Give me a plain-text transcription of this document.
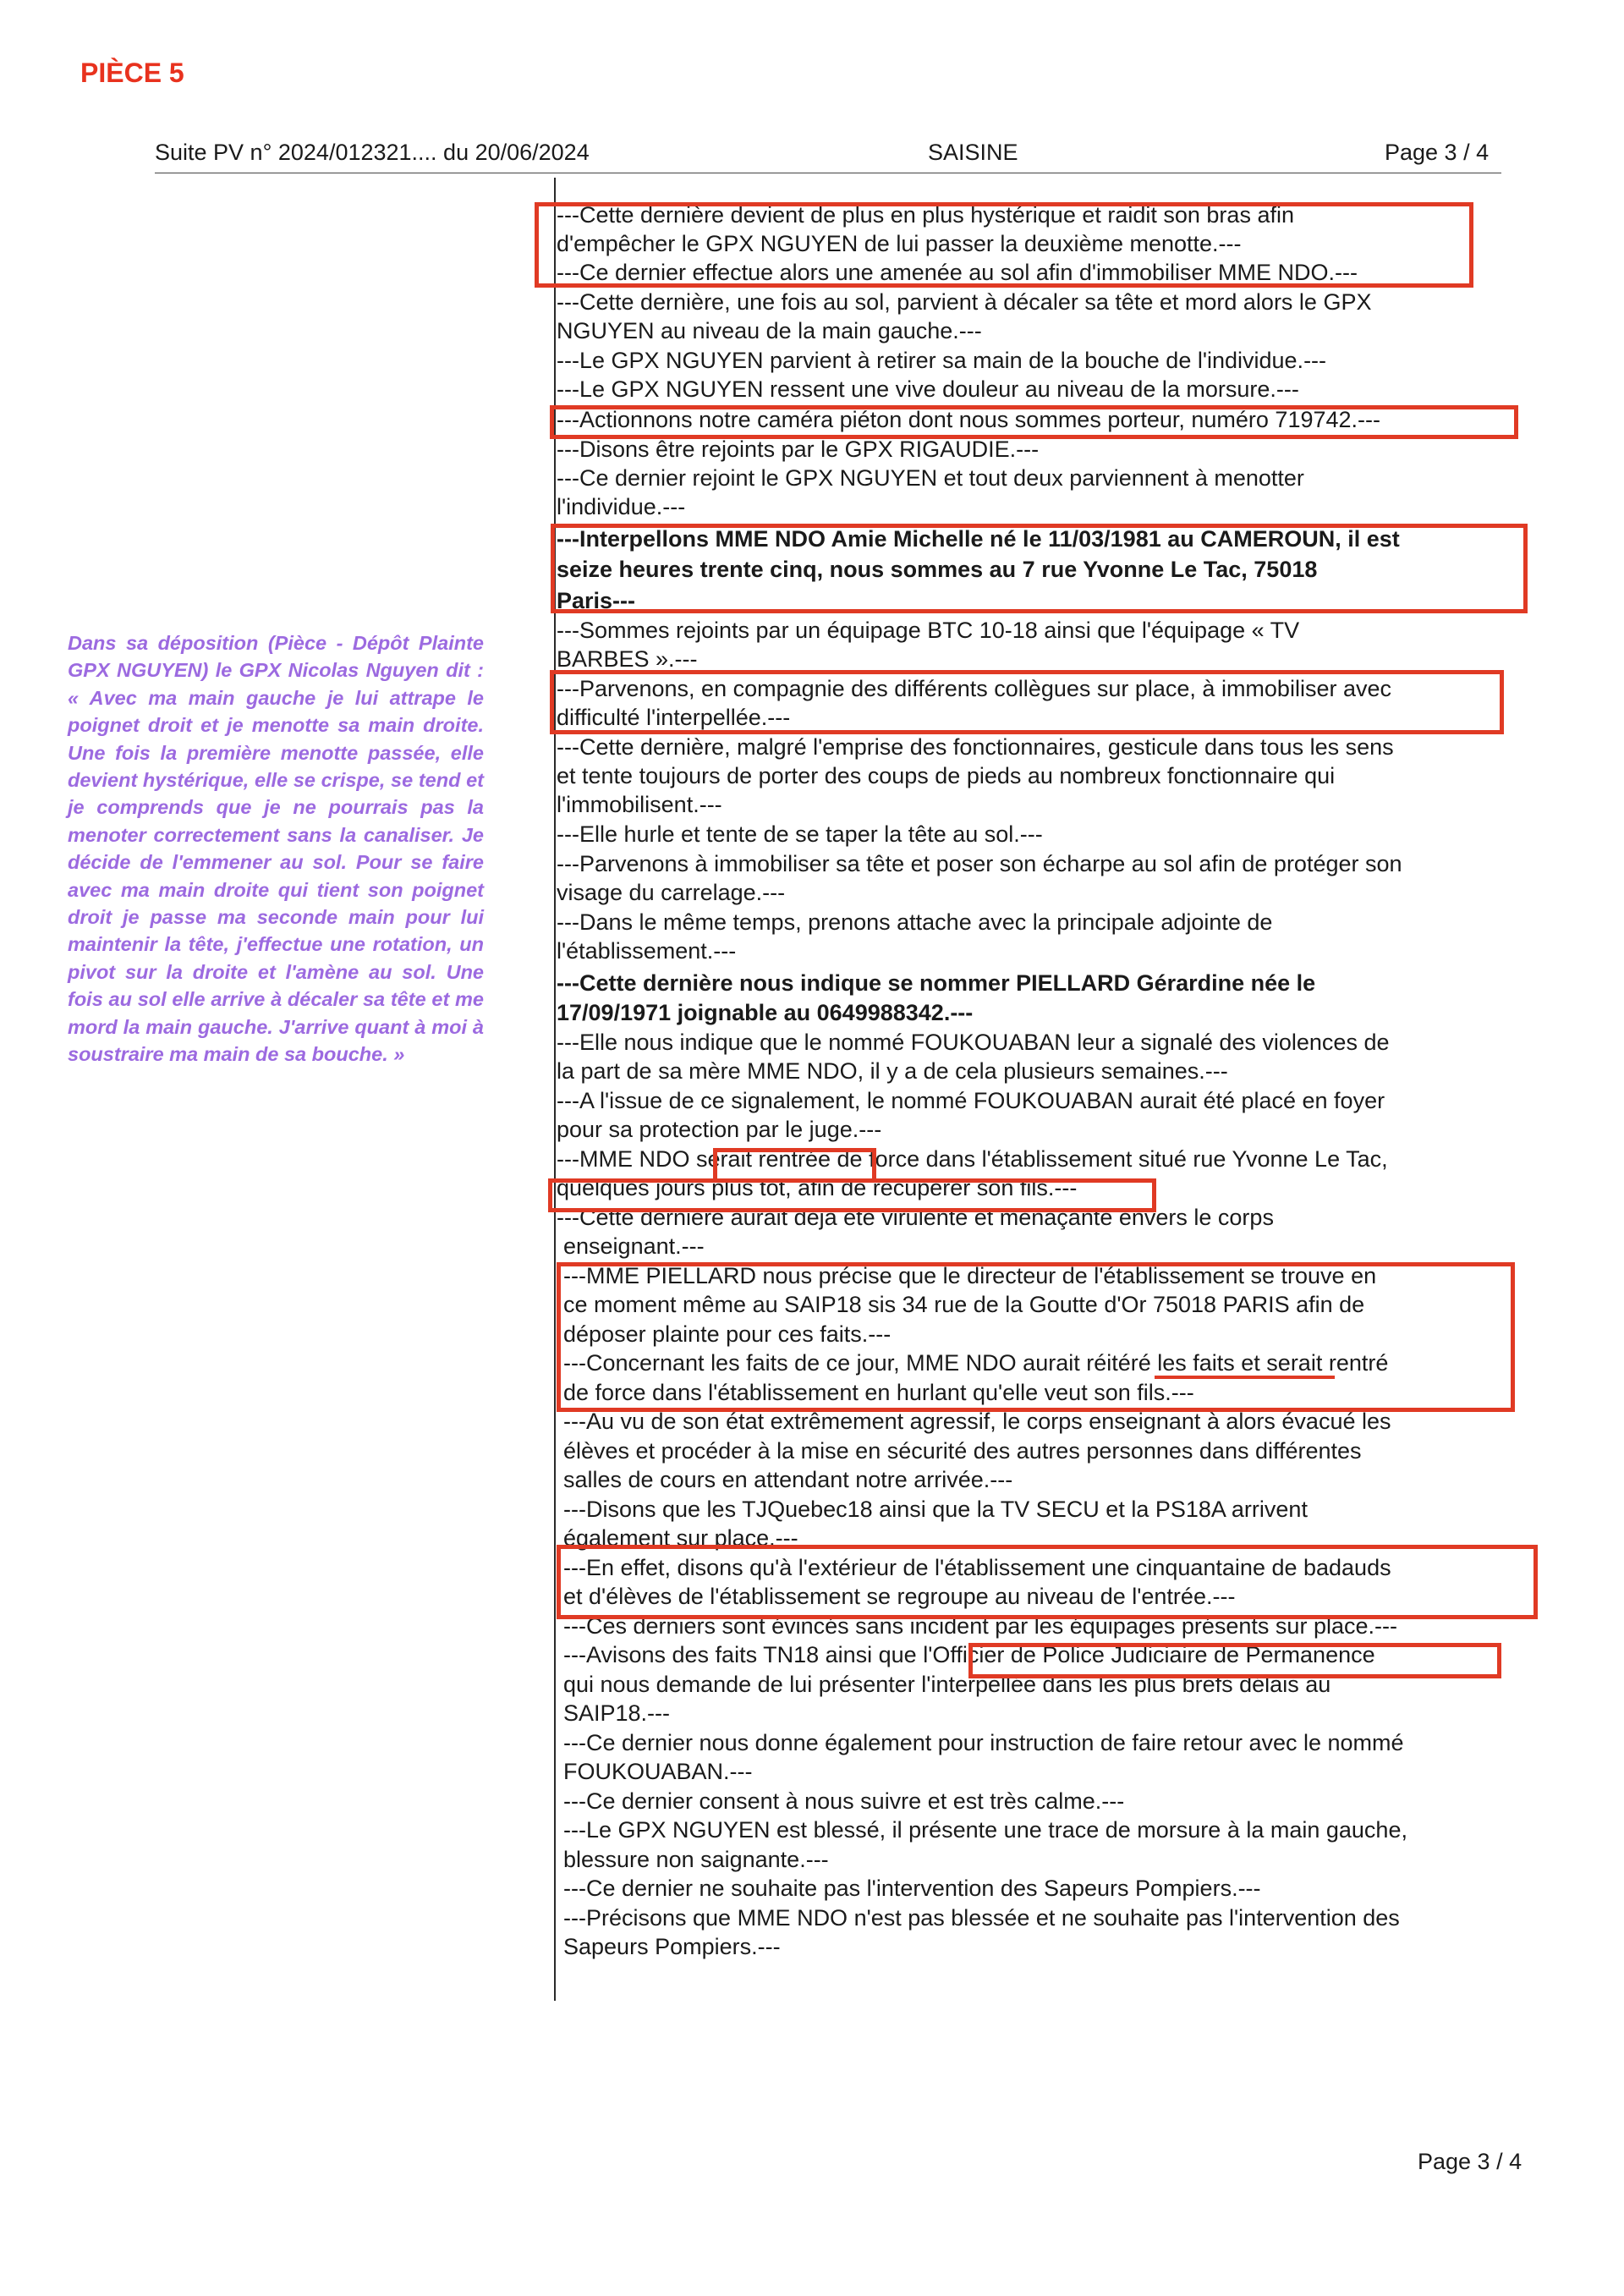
PIÈCE 5
Suite PV n° 2024/012321.... du 20/06/2024	SAISINE	Page 3 / 4

Dans sa déposition (Pièce - Dépôt Plainte GPX NGUYEN) le GPX Nicolas Nguyen dit : « Avec ma main gauche je lui attrape le poignet droit et je menotte sa main droite. Une fois la première menotte passée, elle devient hystérique, elle se crispe, se tend et je comprends que je ne pourrais pas la menoter correctement sans la canaliser. Je décide de l'emmener au sol. Pour se faire avec ma main droite qui tient son poignet droit je passe ma seconde main pour lui maintenir la tête, j'effectue une rotation, un pivot sur la droite et l'amène au sol. Une fois au sol elle arrive à décaler sa tête et me mord la main gauche. J'arrive quant à moi à soustraire ma main de sa bouche. »

---Cette dernière devient de plus en plus hystérique et raidit son bras afin
d'empêcher le GPX NGUYEN de lui passer la deuxième menotte.---
---Ce dernier effectue alors une amenée au sol afin d'immobiliser MME NDO.---
---Cette dernière, une fois au sol, parvient à décaler sa tête et mord alors le GPX
NGUYEN au niveau de la main gauche.---
---Le GPX NGUYEN parvient à retirer sa main de la bouche de l'individue.---
---Le GPX NGUYEN ressent une vive douleur au niveau de la morsure.---
---Actionnons notre caméra piéton dont nous sommes porteur, numéro 719742.---
---Disons être rejoints par le GPX RIGAUDIE.---
---Ce dernier rejoint le GPX NGUYEN et tout deux parviennent à menotter
l'individue.---
---Interpellons MME NDO Amie Michelle né le 11/03/1981 au CAMEROUN, il est
seize heures trente cinq, nous sommes au 7 rue Yvonne Le Tac, 75018
Paris---
---Sommes rejoints par un équipage BTC 10-18 ainsi que l'équipage « TV
BARBES ».---
---Parvenons, en compagnie des différents collègues sur place, à immobiliser avec
difficulté l'interpellée.---
---Cette dernière, malgré l'emprise des fonctionnaires, gesticule dans tous les sens
et tente toujours de porter des coups de pieds au nombreux fonctionnaire qui
l'immobilisent.---
---Elle hurle et tente de se taper la tête au sol.---
---Parvenons à immobiliser sa tête et poser son écharpe au sol afin de protéger son
visage du carrelage.---
---Dans le même temps, prenons attache avec la principale adjointe de
l'établissement.---
---Cette dernière nous indique se nommer PIELLARD Gérardine née le
17/09/1971 joignable au 0649988342.---
---Elle nous indique que le nommé FOUKOUABAN leur a signalé des violences de
la part de sa mère MME NDO, il y a de cela plusieurs semaines.---
---A l'issue de ce signalement, le nommé FOUKOUABAN aurait été placé en foyer
pour sa protection par le juge.---
---MME NDO serait rentrée de force dans l'établissement situé rue Yvonne Le Tac,
quelques jours plus tôt, afin de récupérer son fils.---
---Cette dernière aurait déjà été virulente et menaçante envers le corps
enseignant.---
---MME PIELLARD nous précise que le directeur de l'établissement se trouve en
ce moment même au SAIP18 sis 34 rue de la Goutte d'Or 75018 PARIS afin de
déposer plainte pour ces faits.---
---Concernant les faits de ce jour, MME NDO aurait réitéré les faits et serait rentré
de force dans l'établissement en hurlant qu'elle veut son fils.---
---Au vu de son état extrêmement agressif, le corps enseignant à alors évacué les
élèves et procéder à la mise en sécurité des autres personnes dans différentes
salles de cours en attendant notre arrivée.---
---Disons que les TJQuebec18 ainsi que la TV SECU et la PS18A arrivent
également sur place.---
---En effet, disons qu'à l'extérieur de l'établissement une cinquantaine de badauds
et d'élèves de l'établissement se regroupe au niveau de l'entrée.---
---Ces derniers sont évincés sans incident par les équipages présents sur place.---
---Avisons des faits TN18 ainsi que l'Officier de Police Judiciaire de Permanence
qui nous demande de lui présenter l'interpellée dans les plus brefs délais au
SAIP18.---
---Ce dernier nous donne également pour instruction de faire retour avec le nommé
FOUKOUABAN.---
---Ce dernier consent à nous suivre et est très calme.---
---Le GPX NGUYEN est blessé, il présente une trace de morsure à la main gauche,
blessure non saignante.---
---Ce dernier ne souhaite pas l'intervention des Sapeurs Pompiers.---
---Précisons que MME NDO n'est pas blessée et ne souhaite pas l'intervention des
Sapeurs Pompiers.---
Page 3 / 4
